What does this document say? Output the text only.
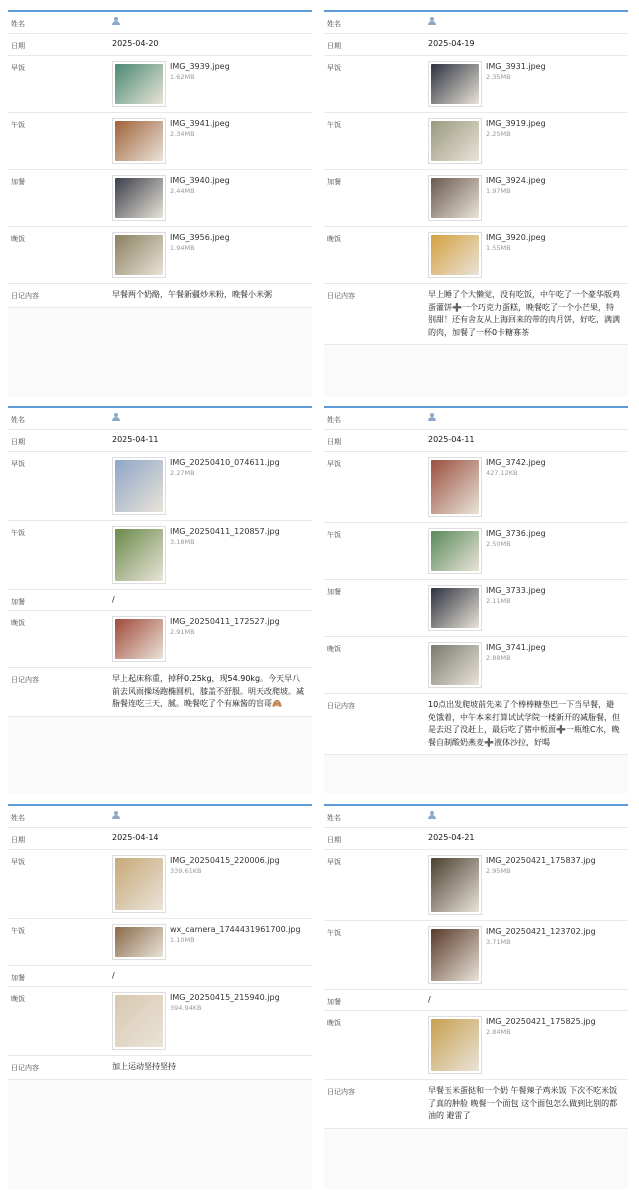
姓名
日期	2025-04-20
早饭	IMG_3939.jpeg
1.62MB
午饭	IMG_3941.jpeg
2.34MB
加餐	IMG_3940.jpeg
2.44MB
晚饭	IMG_3956.jpeg
1.94MB
日记内容	早餐两个奶酪，午餐新疆炒米粉，晚餐小米粥
姓名
日期	2025-04-19
早饭	IMG_3931.jpeg
2.35MB
午饭	IMG_3919.jpeg
2.25MB
加餐	IMG_3924.jpeg
1.97MB
晚饭	IMG_3920.jpeg
1.55MB
日记内容	早上睡了个大懒觉，没有吃饭，中午吃了一个豪华版鸡蛋灌饼➕一个巧克力蛋糕，晚餐吃了一个小芒果，特别甜！还有舍友从上海回来的带的肉月饼，好吃，满满的肉，加餐了一杯0卡糖寡茶
姓名
日期	2025-04-11
早饭	IMG_20250410_074611.jpg
2.27MB
午饭	IMG_20250411_120857.jpg
3.18MB
加餐	/
晚饭	IMG_20250411_172527.jpg
2.91MB
日记内容	早上起床称重，掉秤0.25kg，现54.90kg。今天早八前去风雨操场跑椭圆机，膝盖不舒服。明天改爬坡。减脂餐连吃三天，腻。晚餐吃了个有麻酱的盲哥🙈
姓名
日期	2025-04-11
早饭	IMG_3742.jpeg
427.12KB
午饭	IMG_3736.jpeg
2.50MB
加餐	IMG_3733.jpeg
2.11MB
晚饭	IMG_3741.jpeg
2.88MB
日记内容	10点出发爬坡前先来了个棒棒糖垫巴一下当早餐，避免饿着，中午本来打算试试学院一楼新开的减脂餐，但是去迟了没赶上，最后吃了猪中板面➕一瓶维C水，晚餐自制酸奶燕麦➕液体沙拉，好喝
姓名
日期	2025-04-14
早饭	IMG_20250415_220006.jpg
339.61KB
午饭	wx_camera_1744431961700.jpg
1.10MB
加餐	/
晚饭	IMG_20250415_215940.jpg
394.94KB
日记内容	加上运动坚持坚持
姓名
日期	2025-04-21
早饭	IMG_20250421_175837.jpg
2.95MB
午饭	IMG_20250421_123702.jpg
3.71MB
加餐	/
晚饭	IMG_20250421_175825.jpg
2.84MB
日记内容	早餐玉米蛋挞和一个奶 午餐辣子鸡米饭 下次不吃米饭了真的肿脸 晚餐一个面包 这个面包怎么做到比别的都油的 避雷了
